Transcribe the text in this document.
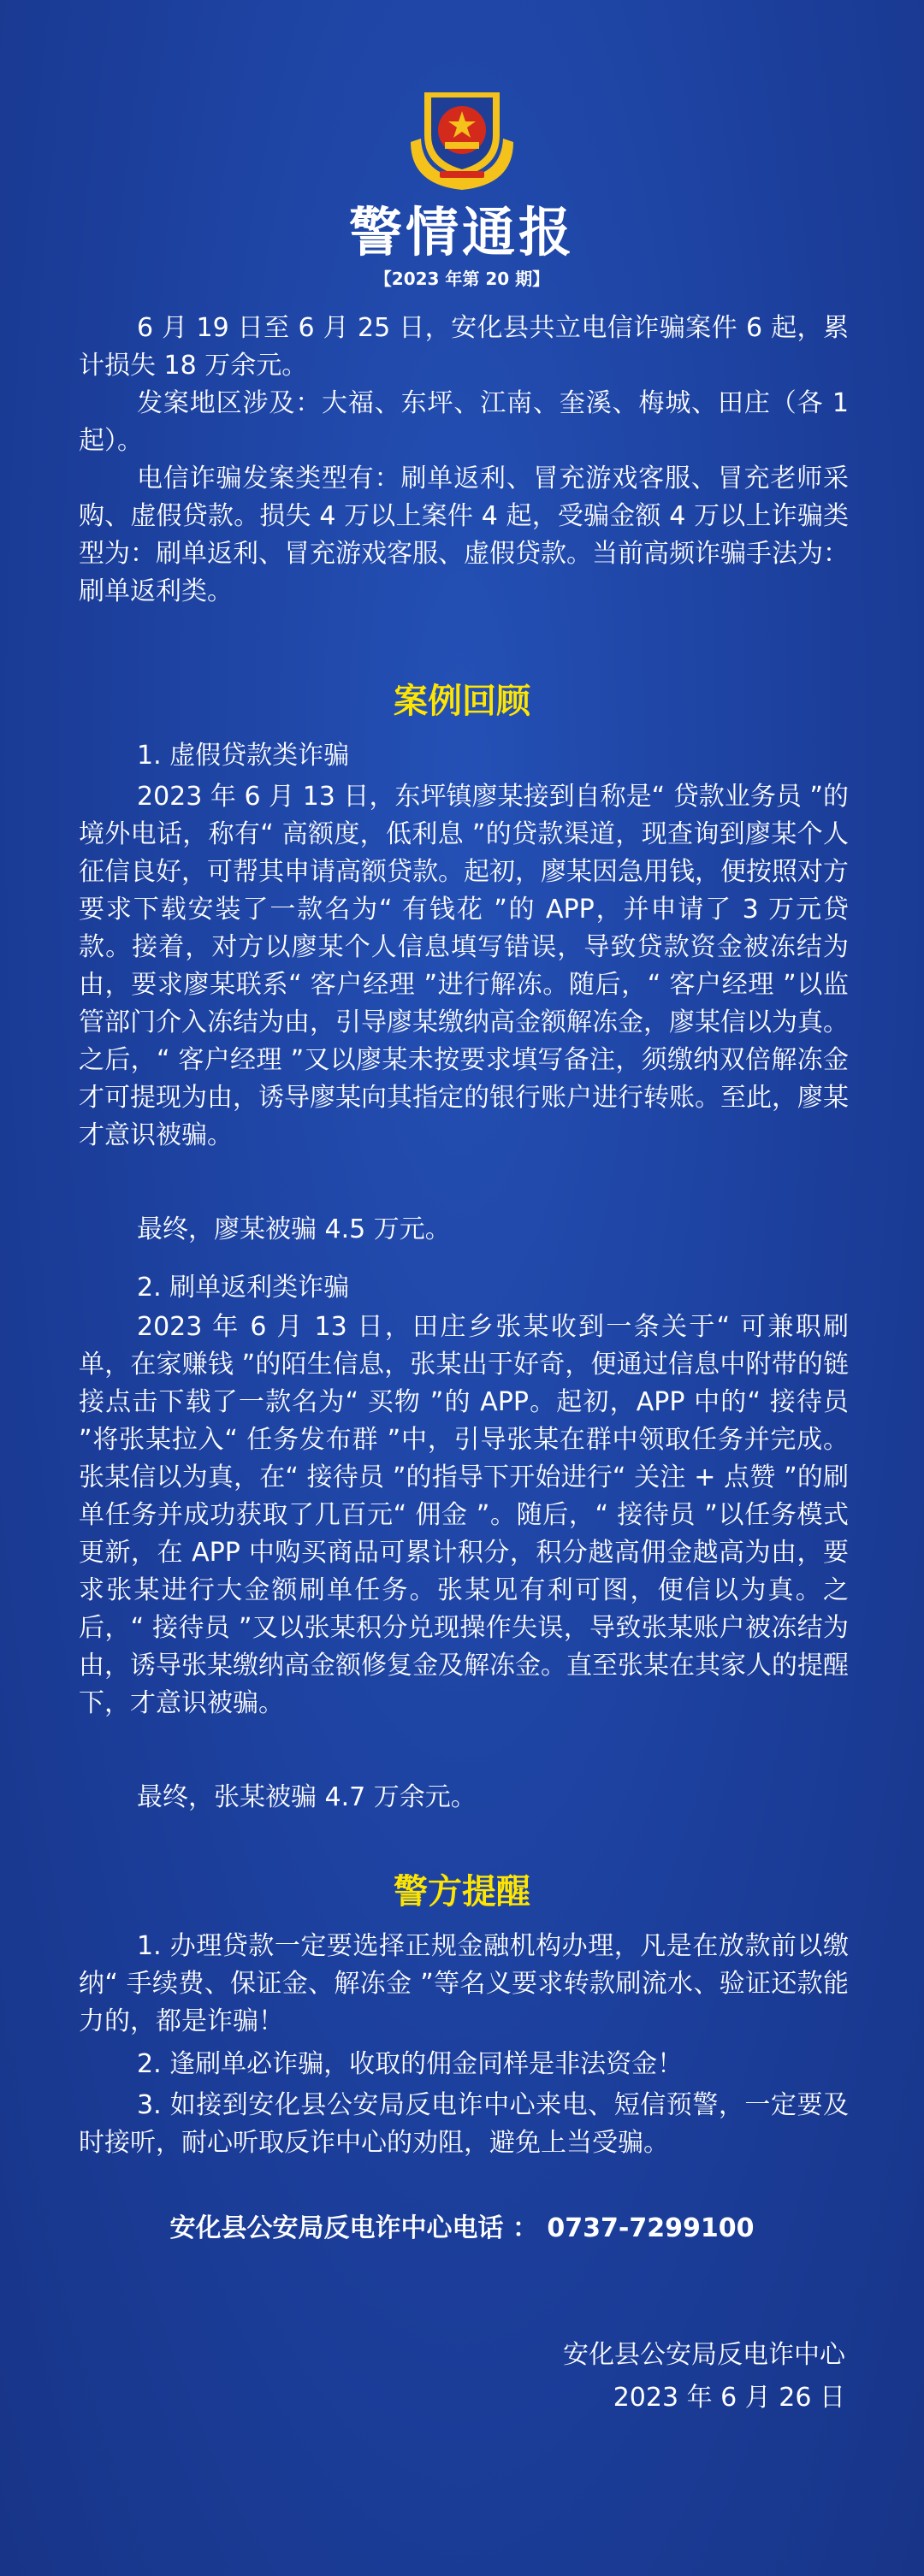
警情通报
【2023 年第 20 期】
6 月 19 日至 6 月 25 日，安化县共立电信诈骗案件 6 起，累计损失 18 万余元。
发案地区涉及：大福、东坪、江南、奎溪、梅城、田庄（各 1 起）。
电信诈骗发案类型有：刷单返利、冒充游戏客服、冒充老师采购、虚假贷款。损失 4 万以上案件 4 起，受骗金额 4 万以上诈骗类型为：刷单返利、冒充游戏客服、虚假贷款。当前高频诈骗手法为：刷单返利类。
案例回顾
1. 虚假贷款类诈骗
2023 年 6 月 13 日，东坪镇廖某接到自称是“ 贷款业务员 ”的境外电话，称有“ 高额度，低利息 ”的贷款渠道，现查询到廖某个人征信良好，可帮其申请高额贷款。起初，廖某因急用钱，便按照对方要求下载安装了一款名为“ 有钱花 ”的 APP，并申请了 3 万元贷款。接着，对方以廖某个人信息填写错误，导致贷款资金被冻结为由，要求廖某联系“ 客户经理 ”进行解冻。随后，“ 客户经理 ”以监管部门介入冻结为由，引导廖某缴纳高金额解冻金，廖某信以为真。之后，“ 客户经理 ”又以廖某未按要求填写备注，须缴纳双倍解冻金才可提现为由，诱导廖某向其指定的银行账户进行转账。至此，廖某才意识被骗。
最终，廖某被骗 4.5 万元。
2. 刷单返利类诈骗
2023 年 6 月 13 日，田庄乡张某收到一条关于“ 可兼职刷单，在家赚钱 ”的陌生信息，张某出于好奇，便通过信息中附带的链接点击下载了一款名为“ 买物 ”的 APP。起初，APP 中的“ 接待员 ”将张某拉入“ 任务发布群 ”中，引导张某在群中领取任务并完成。张某信以为真，在“ 接待员 ”的指导下开始进行“ 关注 + 点赞 ”的刷单任务并成功获取了几百元“ 佣金 ”。随后，“ 接待员 ”以任务模式更新，在 APP 中购买商品可累计积分，积分越高佣金越高为由，要求张某进行大金额刷单任务。张某见有利可图，便信以为真。之后，“ 接待员 ”又以张某积分兑现操作失误，导致张某账户被冻结为由，诱导张某缴纳高金额修复金及解冻金。直至张某在其家人的提醒下，才意识被骗。
最终，张某被骗 4.7 万余元。
警方提醒
1. 办理贷款一定要选择正规金融机构办理，凡是在放款前以缴纳“ 手续费、保证金、解冻金 ”等名义要求转款刷流水、验证还款能力的，都是诈骗！
2. 逢刷单必诈骗，收取的佣金同样是非法资金！
3. 如接到安化县公安局反电诈中心来电、短信预警，一定要及时接听，耐心听取反诈中心的劝阻，避免上当受骗。
安化县公安局反电诈中心电话 ： 0737-7299100
安化县公安局反电诈中心
2023 年 6 月 26 日
